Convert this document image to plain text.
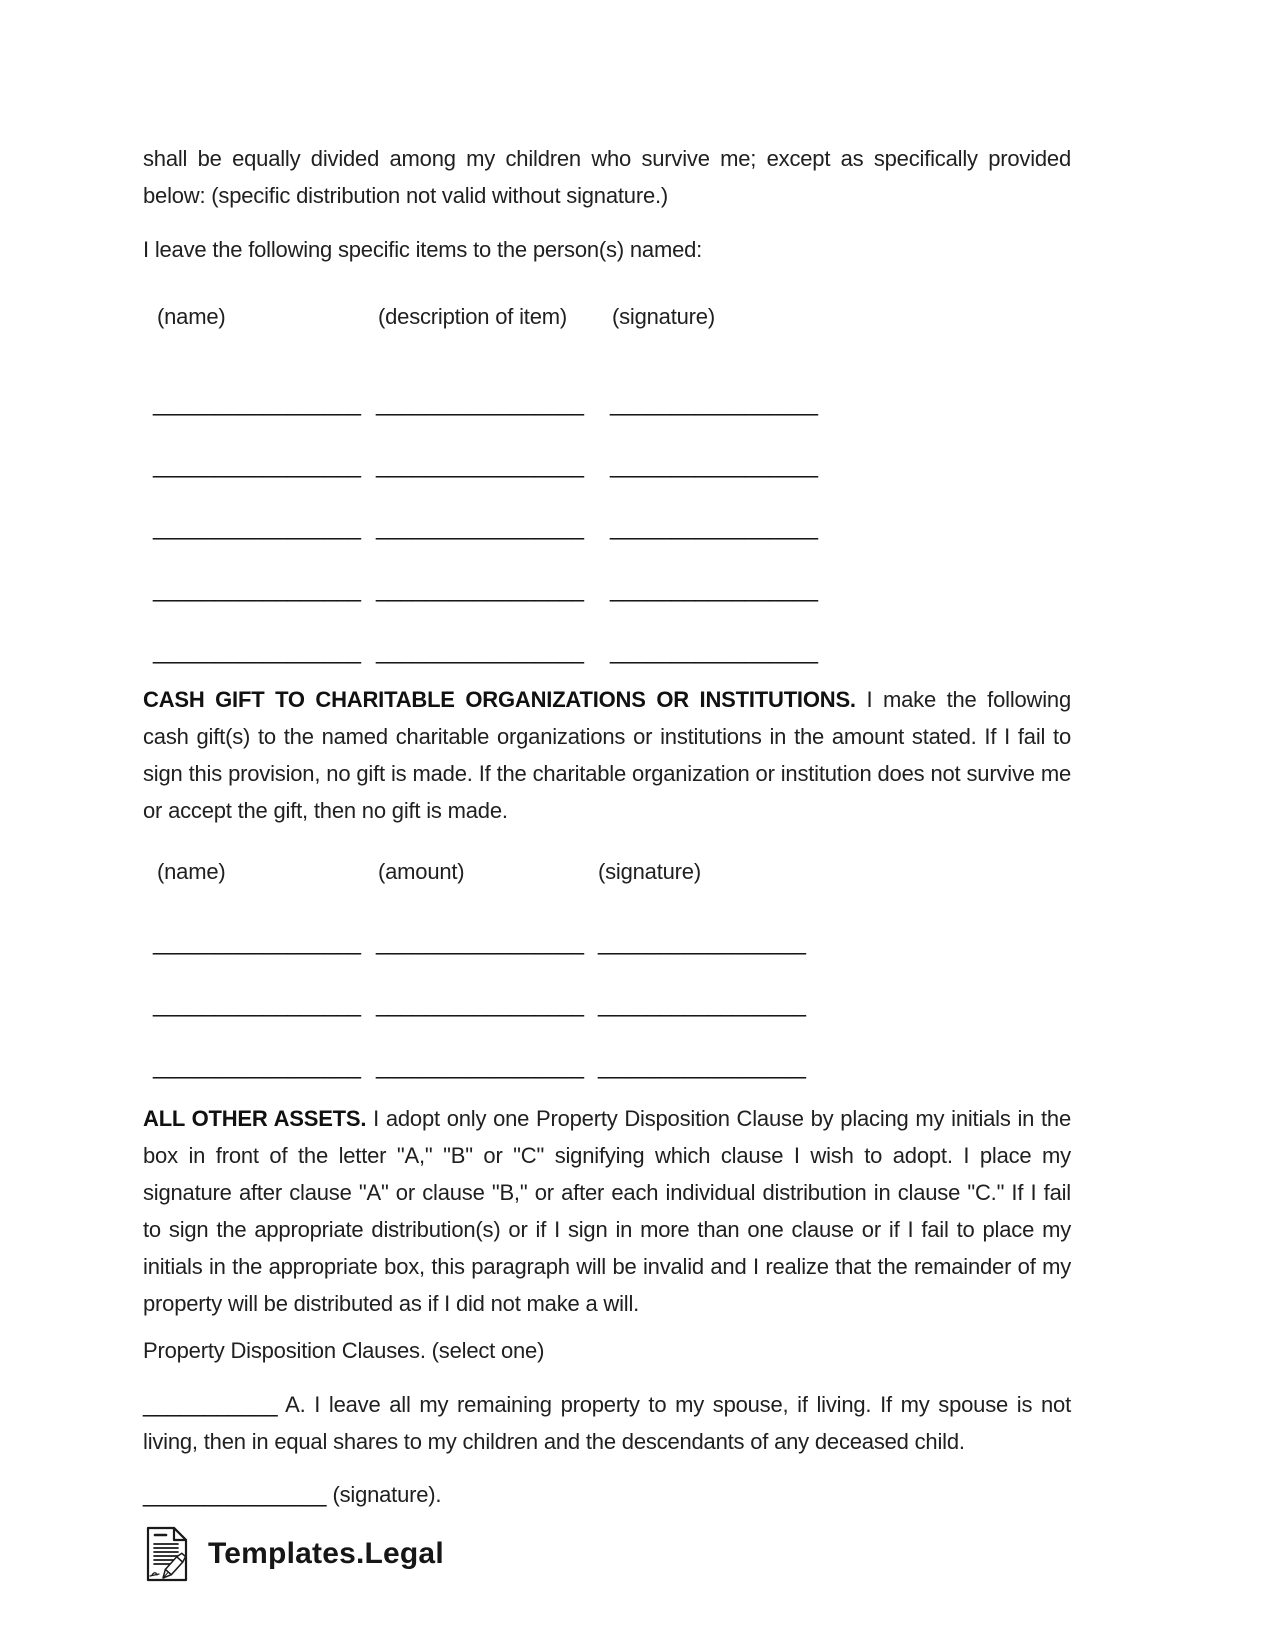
shall be equally divided among my children who survive me; except as specifically provided below: (specific distribution not valid without signature.)

I leave the following specific items to the person(s) named:

(name)	(description of item)	(signature)
_________________ _________________	_________________
_________________ _________________	_________________
_________________ _________________	_________________
_________________ _________________	_________________
_________________ _________________	_________________

CASH GIFT TO CHARITABLE ORGANIZATIONS OR INSTITUTIONS. I make the following cash gift(s) to the named charitable organizations or institutions in the amount stated. If I fail to sign this provision, no gift is made. If the charitable organization or institution does not survive me or accept the gift, then no gift is made.

(name)	(amount)	(signature)
_________________ _________________ _________________
_________________ _________________ _________________
_________________ _________________ _________________

ALL OTHER ASSETS. I adopt only one Property Disposition Clause by placing my initials in the box in front of the letter "A," "B" or "C" signifying which clause I wish to adopt. I place my signature after clause "A" or clause "B," or after each individual distribution in clause "C." If I fail to sign the appropriate distribution(s) or if I sign in more than one clause or if I fail to place my initials in the appropriate box, this paragraph will be invalid and I realize that the remainder of my property will be distributed as if I did not make a will.

Property Disposition Clauses. (select one)

___________ A. I leave all my remaining property to my spouse, if living. If my spouse is not living, then in equal shares to my children and the descendants of any deceased child.

_______________ (signature).

Templates.Legal
